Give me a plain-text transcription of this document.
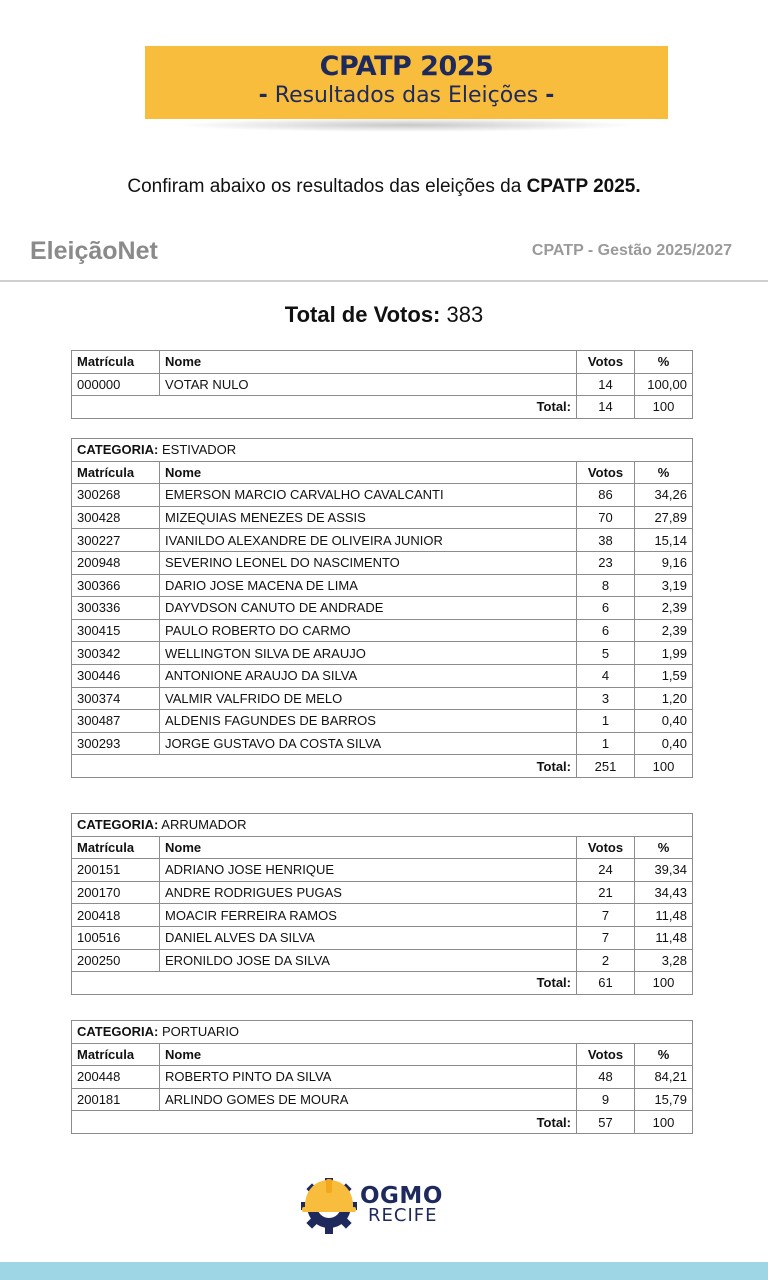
CPATP 2025
- Resultados das Eleições -
Confiram abaixo os resultados das eleições da CPATP 2025.
EleiçãoNet	CPATP - Gestão 2025/2027
Total de Votos: 383
Matrícula	Nome	Votos	%
000000	VOTAR NULO	14	100,00
Total:		14	100
CATEGORIA: ESTIVADOR			
Matrícula	Nome	Votos	%
300268	EMERSON MARCIO CARVALHO CAVALCANTI	86	34,26
300428	MIZEQUIAS MENEZES DE ASSIS	70	27,89
300227	IVANILDO ALEXANDRE DE OLIVEIRA JUNIOR	38	15,14
200948	SEVERINO LEONEL DO NASCIMENTO	23	9,16
300366	DARIO JOSE MACENA DE LIMA	8	3,19
300336	DAYVDSON CANUTO DE ANDRADE	6	2,39
300415	PAULO ROBERTO DO CARMO	6	2,39
300342	WELLINGTON SILVA DE ARAUJO	5	1,99
300446	ANTONIONE ARAUJO DA SILVA	4	1,59
300374	VALMIR VALFRIDO DE MELO	3	1,20
300487	ALDENIS FAGUNDES DE BARROS	1	0,40
300293	JORGE GUSTAVO DA COSTA SILVA	1	0,40
Total:		251	100
CATEGORIA: ARRUMADOR			
Matrícula	Nome	Votos	%
200151	ADRIANO JOSE HENRIQUE	24	39,34
200170	ANDRE RODRIGUES PUGAS	21	34,43
200418	MOACIR FERREIRA RAMOS	7	11,48
100516	DANIEL ALVES DA SILVA	7	11,48
200250	ERONILDO JOSE DA SILVA	2	3,28
Total:		61	100
CATEGORIA: PORTUARIO			
Matrícula	Nome	Votos	%
200448	ROBERTO PINTO DA SILVA	48	84,21
200181	ARLINDO GOMES DE MOURA	9	15,79
Total:		57	100
OGMO
RECIFE
